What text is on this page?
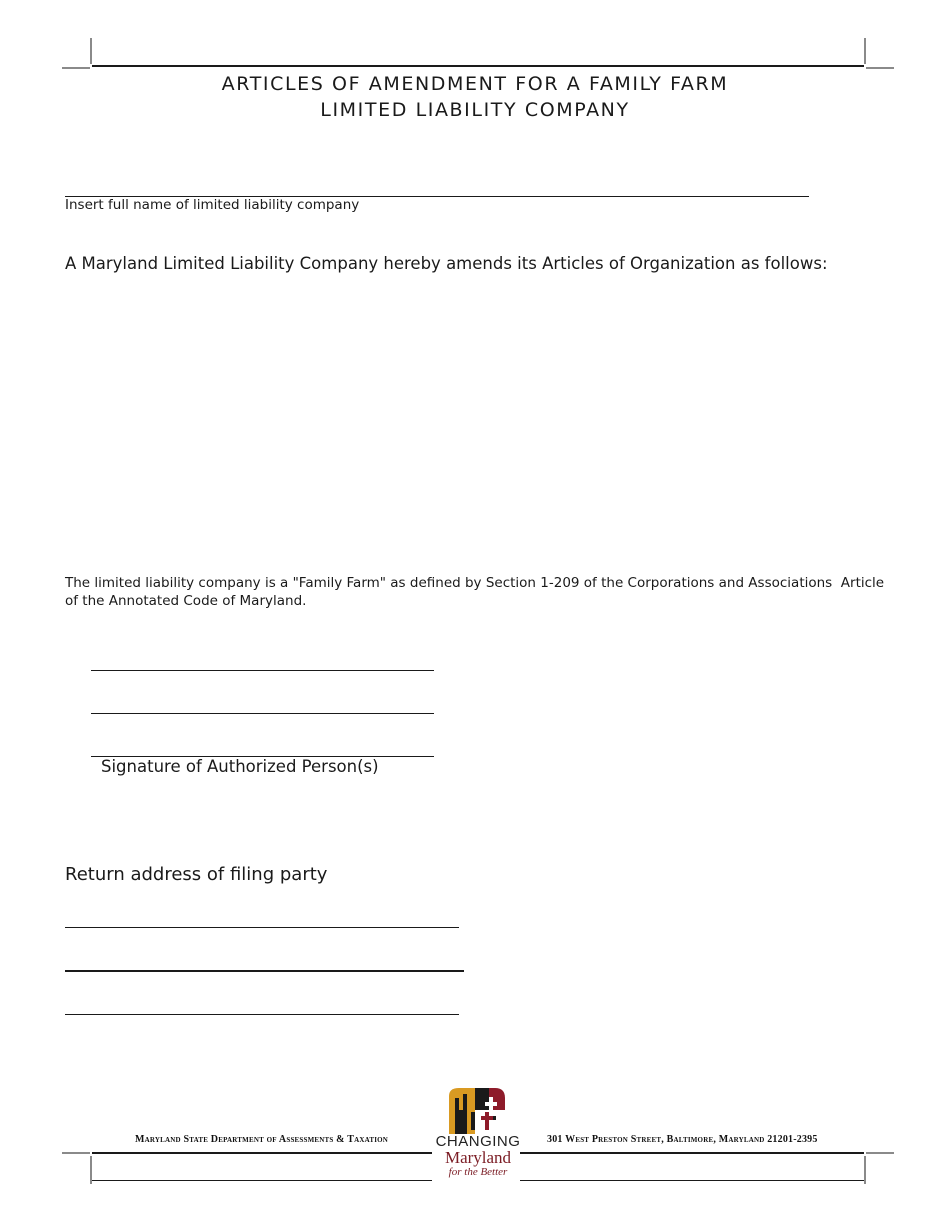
ARTICLES OF AMENDMENT FOR A FAMILY FARM
LIMITED LIABILITY COMPANY
Insert full name of limited liability company
A Maryland Limited Liability Company hereby amends its Articles of Organization as follows:
The limited liability company is a "Family Farm" as defined by Section 1-209 of the Corporations and Associations  Article
of the Annotated Code of Maryland.
Signature of Authorized Person(s)
Return address of filing party
Maryland State Department of Assessments & Taxation	301 West Preston Street, Baltimore, Maryland 21201-2395
CHANGING
Maryland
for the Better
